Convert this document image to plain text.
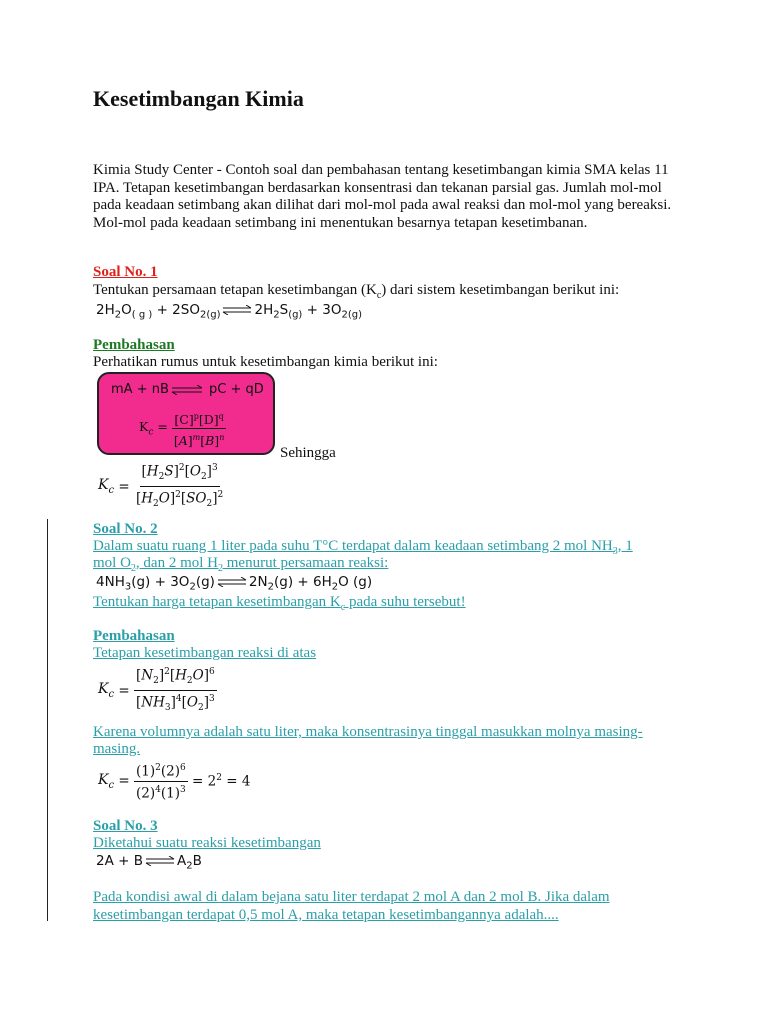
Kesetimbangan Kimia

Kimia Study Center - Contoh soal dan pembahasan tentang kesetimbangan kimia SMA kelas 11 IPA. Tetapan kesetimbangan berdasarkan konsentrasi dan tekanan parsial gas. Jumlah mol-mol pada keadaan setimbang akan dilihat dari mol-mol pada awal reaksi dan mol-mol yang bereaksi. Mol-mol pada keadaan setimbang ini menentukan besarnya tetapan kesetimbanan.

Soal No. 1
Tentukan persamaan tetapan kesetimbangan $(K_c)$ dari sistem kesetimbangan berikut ini:
$2H_2O_{( g )} + 2SO_{2(g)}$ ⇌ $2H_2S_{(g)} + 3O_{2(g)}$
Pembahasan
Perhatikan rumus untuk kesetimbangan kimia berikut ini:
mA + nB ⇌ pC + qD
$K_c = \frac{[C]^p[D]^q}{[A]^m[B]^n}$
Sehingga
$K_c = \frac{[H_2S]^2[O_2]^3}{[H_2O]^2[SO_2]^2}$
Soal No. 2
Dalam suatu ruang 1 liter pada suhu T°C terdapat dalam keadaan setimbang 2 mol $NH_3$, 1
mol $O_2$, dan 2 mol $H_2$ menurut persamaan reaksi:
$4NH_3(g) + 3O_2(g)$ ⇌ $2N_2(g) + 6H_2O$ (g)
Tentukan harga tetapan kesetimbangan $K_c$ pada suhu tersebut!
Pembahasan
Tetapan kesetimbangan reaksi di atas
$K_c = \frac{[N_2]^2[H_2O]^6}{[NH_3]^4[O_2]^3}$
Karena volumnya adalah satu liter, maka konsentrasinya tinggal masukkan molnya masing-masing.
$K_c = \frac{(1)^2(2)^6}{(2)^4(1)^3} = 2^2 = 4$
Soal No. 3
Diketahui suatu reaksi kesetimbangan
2A + B ⇌ $A_2B$
Pada kondisi awal di dalam bejana satu liter terdapat 2 mol A dan 2 mol B. Jika dalam kesetimbangan terdapat 0,5 mol A, maka tetapan kesetimbangannya adalah....
